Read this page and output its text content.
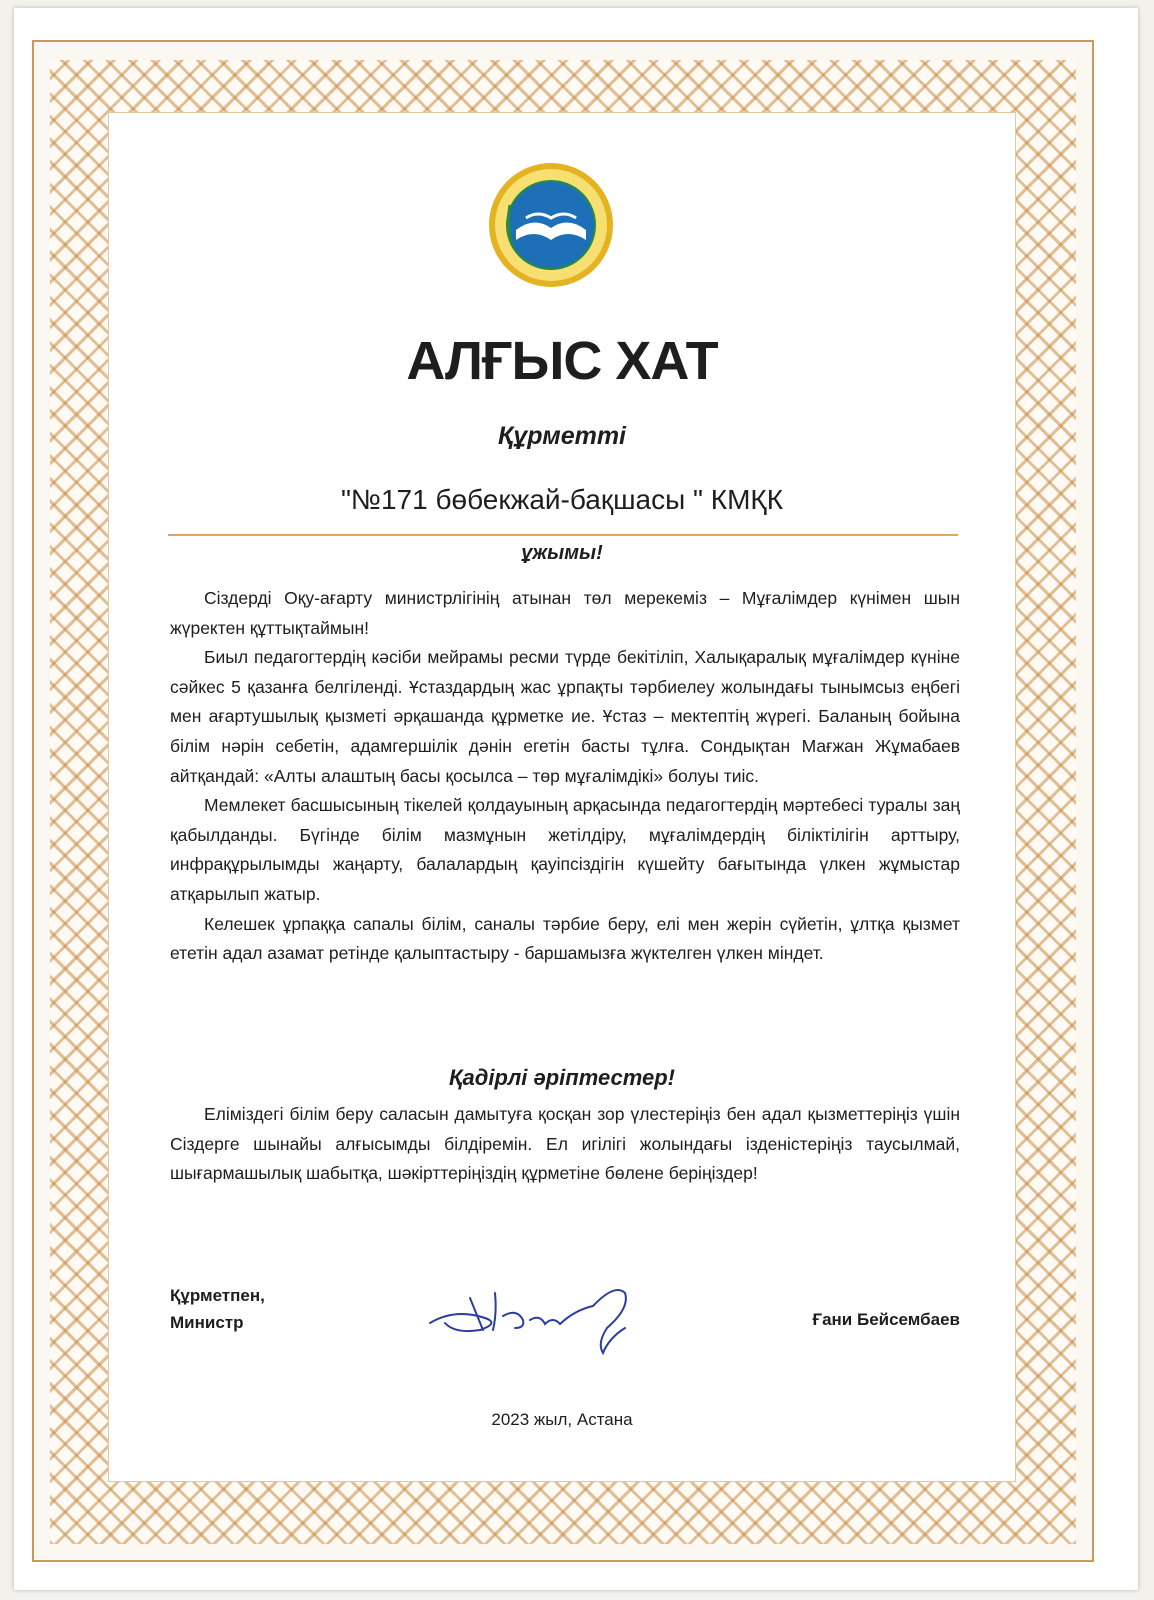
АЛҒЫС ХАТ
Құрметті
"№171 бөбекжай-бақшасы " КМҚК
ұжымы!

Сіздерді Оқу-ағарту министрлігінің атынан төл мерекеміз – Мұғалімдер күнімен шын жүректен құттықтаймын!

Биыл педагогтердің кәсіби мейрамы ресми түрде бекітіліп, Халықаралық мұғалімдер күніне сәйкес 5 қазанға белгіленді. Ұстаздардың жас ұрпақты тәрбиелеу жолындағы тынымсыз еңбегі мен ағартушылық қызметі әрқашанда құрметке ие. Ұстаз – мектептің жүрегі. Баланың бойына білім нәрін себетін, адамгершілік дәнін егетін басты тұлға. Сондықтан Мағжан Жұмабаев айтқандай: «Алты алаштың басы қосылса – төр мұғалімдікі» болуы тиіс.

Мемлекет басшысының тікелей қолдауының арқасында педагогтердің мәртебесі туралы заң қабылданды. Бүгінде білім мазмұнын жетілдіру, мұғалімдердің біліктілігін арттыру, инфрақұрылымды жаңарту, балалардың қауіпсіздігін күшейту бағытында үлкен жұмыстар атқарылып жатыр.

Келешек ұрпаққа сапалы білім, саналы тәрбие беру, елі мен жерін сүйетін, ұлтқа қызмет ететін адал азамат ретінде қалыптастыру - баршамызға жүктелген үлкен міндет.

Қадірлі әріптестер!

Еліміздегі білім беру саласын дамытуға қосқан зор үлестеріңіз бен адал қызметтеріңіз үшін Сіздерге шынайы алғысымды білдіремін. Ел игілігі жолындағы ізденістеріңіз таусылмай, шығармашылық шабытқа, шәкірттеріңіздің құрметіне бөлене беріңіздер!

Құрметпен,
Министр	Ғани Бейсембаев
2023 жыл, Астана
